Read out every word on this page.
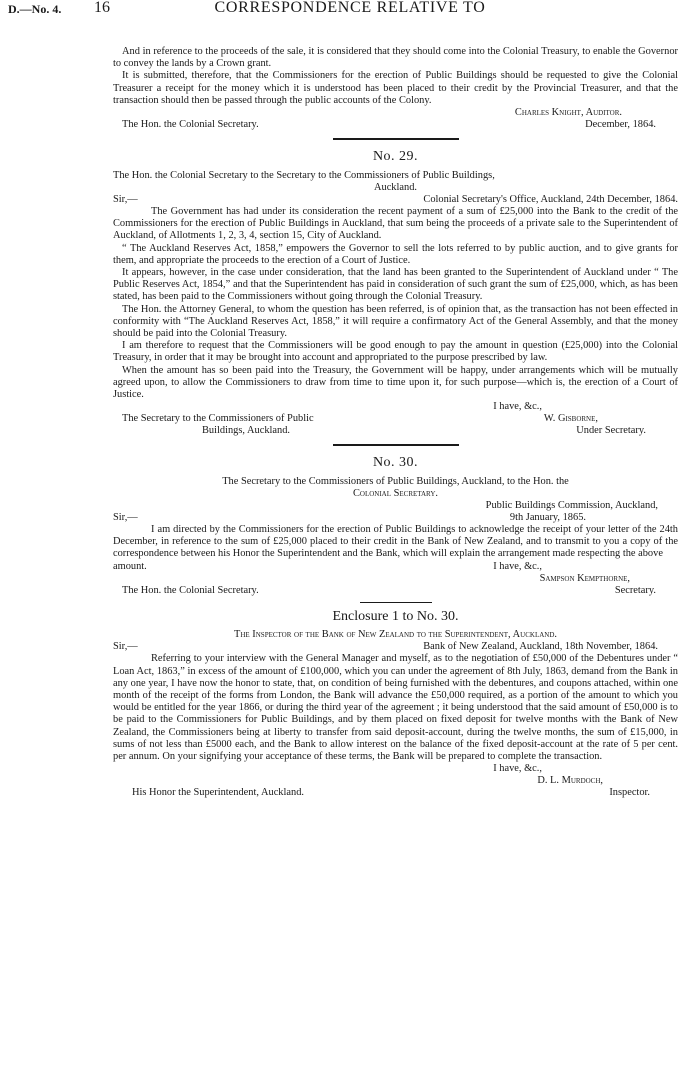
D.—No. 4. 16	CORRESPONDENCE RELATIVE TO

And in reference to the proceeds of the sale, it is considered that they should come into the Colonial Treasury, to enable the Governor to convey the lands by a Crown grant.

It is submitted, therefore, that the Commissioners for the erection of Public Buildings should be requested to give the Colonial Treasurer a receipt for the money which it is understood has been placed to their credit by the Provincial Treasurer, and that the transaction should then be passed through the public accounts of the Colony.

Charles Knight, Auditor.
The Hon. the Colonial Secretary.	December, 1864.
No. 29.

The Hon. the Colonial Secretary to the Secretary to the Commissioners of Public Buildings,

Auckland.

Sir,—	Colonial Secretary's Office, Auckland, 24th December, 1864.

The Government has had under its consideration the recent payment of a sum of £25,000 into the Bank to the credit of the Commissioners for the erection of Public Buildings in Auckland, that sum being the proceeds of a private sale to the Superintendent of Auckland, of Allotments 1, 2, 3, 4, section 15, City of Auckland.

“ The Auckland Reserves Act, 1858,” empowers the Governor to sell the lots referred to by public auction, and to give grants for them, and appropriate the proceeds to the erection of a Court of Justice.

It appears, however, in the case under consideration, that the land has been granted to the Superintendent of Auckland under “ The Public Reserves Act, 1854,” and that the Superintendent has paid in consideration of such grant the sum of £25,000, which, as has been stated, has been paid to the Commissioners without going through the Colonial Treasury.

The Hon. the Attorney General, to whom the question has been referred, is of opinion that, as the transaction has not been effected in conformity with “The Auckland Reserves Act, 1858,” it will require a confirmatory Act of the General Assembly, and that the money should be paid into the Colonial Treasury.

I am therefore to request that the Commissioners will be good enough to pay the amount in question (£25,000) into the Colonial Treasury, in order that it may be brought into account and appropriated to the purpose prescribed by law.

When the amount has so been paid into the Treasury, the Government will be happy, under arrangements which will be mutually agreed upon, to allow the Commissioners to draw from time to time upon it, for such purpose—which is, the erection of a Court of Justice.

I have, &c.,
The Secretary to the Commissioners of Public	W. Gisborne,
Buildings, Auckland.	Under Secretary.
No. 30.

The Secretary to the Commissioners of Public Buildings, Auckland, to the Hon. the

Colonial Secretary.

Public Buildings Commission, Auckland,
Sir,—	9th January, 1865.

I am directed by the Commissioners for the erection of Public Buildings to acknowledge the receipt of your letter of the 24th December, in reference to the sum of £25,000 placed to their credit in the Bank of New Zealand, and to transmit to you a copy of the correspondence between his Honor the Superintendent and the Bank, which will explain the arrangement made respecting the above

amount.	I have, &c.,
Sampson Kempthorne,
The Hon. the Colonial Secretary.	Secretary.
Enclosure 1 to No. 30.

The Inspector of the Bank of New Zealand to the Superintendent, Auckland.

Sir,—	Bank of New Zealand, Auckland, 18th November, 1864.

Referring to your interview with the General Manager and myself, as to the negotiation of £50,000 of the Debentures under “ Loan Act, 1863,” in excess of the amount of £100,000, which you can under the agreement of 8th July, 1863, demand from the Bank in any one year, I have now the honor to state, that, on condition of being furnished with the debentures, and coupons attached, within one month of the receipt of the forms from London, the Bank will advance the £50,000 required, as a portion of the amount to which you would be entitled for the year 1866, or during the third year of the agreement ; it being understood that the said amount of £50,000 is to be paid to the Commissioners for Public Buildings, and by them placed on fixed deposit for twelve months with the Bank of New Zealand, the Commissioners being at liberty to transfer from said deposit-account, during the twelve months, the sum of £15,000, in sums of not less than £5000 each, and the Bank to allow interest on the balance of the fixed deposit-account at the rate of 5 per cent. per annum. On your signifying your acceptance of these terms, the Bank will be prepared to complete the transaction.

I have, &c.,
D. L. Murdoch,
His Honor the Superintendent, Auckland.	Inspector.
